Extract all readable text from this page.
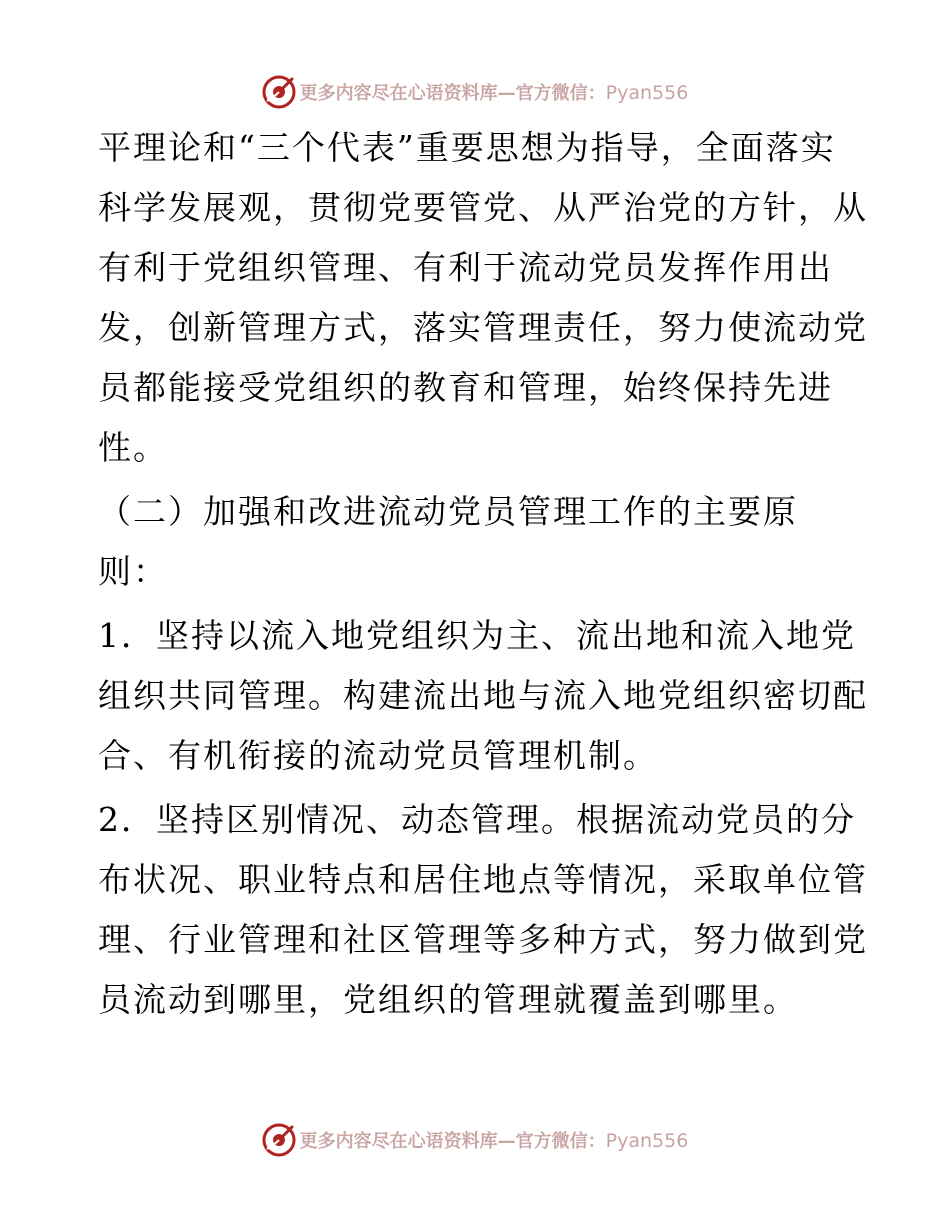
更多内容尽在心语资料库—官方微信：Pyan556
平理论和“三个代表”重要思想为指导，全面落实
科学发展观，贯彻党要管党、从严治党的方针，从
有利于党组织管理、有利于流动党员发挥作用出
发，创新管理方式，落实管理责任，努力使流动党
员都能接受党组织的教育和管理，始终保持先进
性。
（二）加强和改进流动党员管理工作的主要原
则：
1．坚持以流入地党组织为主、流出地和流入地党
组织共同管理。构建流出地与流入地党组织密切配
合、有机衔接的流动党员管理机制。
2．坚持区别情况、动态管理。根据流动党员的分
布状况、职业特点和居住地点等情况，采取单位管
理、行业管理和社区管理等多种方式，努力做到党
员流动到哪里，党组织的管理就覆盖到哪里。
更多内容尽在心语资料库—官方微信：Pyan556
